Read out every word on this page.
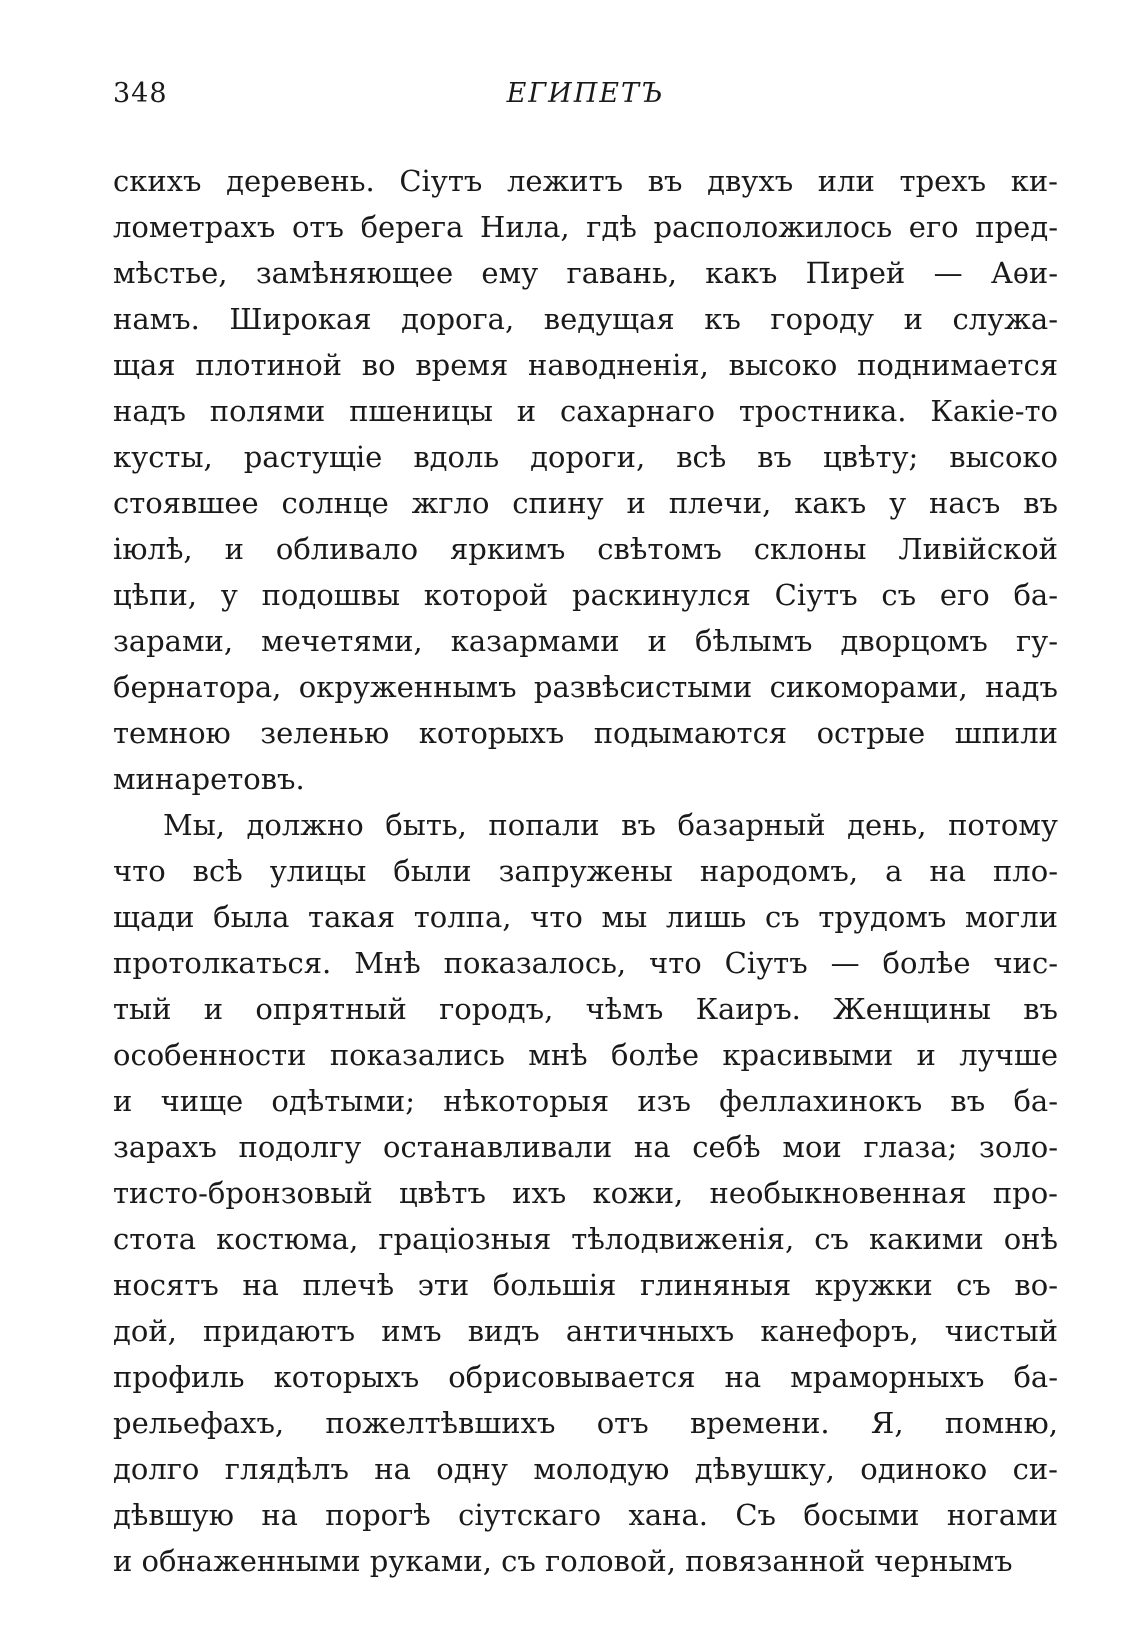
348	ЕГИПЕТЪ
скихъ деревень. Сіутъ лежитъ въ двухъ или трехъ ки-
лометрахъ отъ берега Нила, гдѣ расположилось его пред-
мѣстье, замѣняющее ему гавань, какъ Пирей — Аѳи-
намъ. Широкая дорога, ведущая къ городу и служа-
щая плотиной во время наводненія, высоко поднимается
надъ полями пшеницы и сахарнаго тростника. Какіе-то
кусты, растущіе вдоль дороги, всѣ въ цвѣту; высоко
стоявшее солнце жгло спину и плечи, какъ у насъ въ
іюлѣ, и обливало яркимъ свѣтомъ склоны Ливійской
цѣпи, у подошвы которой раскинулся Сіутъ съ его ба-
зарами, мечетями, казармами и бѣлымъ дворцомъ гу-
бернатора, окруженнымъ развѣсистыми сикоморами, надъ
темною зеленью которыхъ подымаются острые шпили
минаретовъ.
Мы, должно быть, попали въ базарный день, потому
что всѣ улицы были запружены народомъ, а на пло-
щади была такая толпа, что мы лишь съ трудомъ могли
протолкаться. Мнѣ показалось, что Сіутъ — болѣе чис-
тый и опрятный городъ, чѣмъ Каиръ. Женщины въ
особенности показались мнѣ болѣе красивыми и лучше
и чище одѣтыми; нѣкоторыя изъ феллахинокъ въ ба-
зарахъ подолгу останавливали на себѣ мои глаза; золо-
тисто-бронзовый цвѣтъ ихъ кожи, необыкновенная про-
стота костюма, граціозныя тѣлодвиженія, съ какими онѣ
носятъ на плечѣ эти большія глиняныя кружки съ во-
дой, придаютъ имъ видъ античныхъ канефоръ, чистый
профиль которыхъ обрисовывается на мраморныхъ ба-
рельефахъ, пожелтѣвшихъ отъ времени. Я, помню,
долго глядѣлъ на одну молодую дѣвушку, одиноко си-
дѣвшую на порогѣ сіутскаго хана. Съ босыми ногами
и обнаженными руками, съ головой, повязанной чернымъ
